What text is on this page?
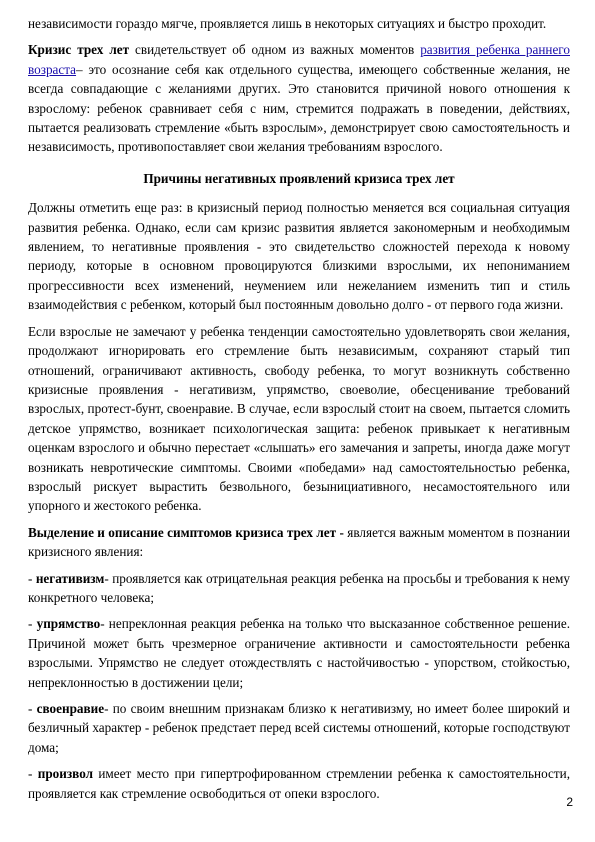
независимости гораздо мягче, проявляется лишь в некоторых ситуациях и быстро проходит.

Кризис трех лет свидетельствует об одном из важных моментов развития ребенка раннего возраста– это осознание себя как отдельного существа, имеющего собственные желания, не всегда совпадающие с желаниями других. Это становится причиной нового отношения к взрослому: ребенок сравнивает себя с ним, стремится подражать в поведении, действиях, пытается реализовать стремление «быть взрослым», демонстрирует свою самостоятельность и независимость, противопоставляет свои желания требованиям взрослого.

Причины негативных проявлений кризиса трех лет

Должны отметить еще раз: в кризисный период полностью меняется вся социальная ситуация развития ребенка. Однако, если сам кризис развития является закономерным и необходимым явлением, то негативные проявления - это свидетельство сложностей перехода к новому периоду, которые в основном провоцируются близкими взрослыми, их непониманием прогрессивности всех изменений, неумением или нежеланием изменить тип и стиль взаимодействия с ребенком, который был постоянным довольно долго - от первого года жизни.

Если взрослые не замечают у ребенка тенденции самостоятельно удовлетворять свои желания, продолжают игнорировать его стремление быть независимым, сохраняют старый тип отношений, ограничивают активность, свободу ребенка, то могут возникнуть собственно кризисные проявления - негативизм, упрямство, своеволие, обесценивание требований взрослых, протест-бунт, своенравие. В случае, если взрослый стоит на своем, пытается сломить детское упрямство, возникает психологическая защита: ребенок привыкает к негативным оценкам взрослого и обычно перестает «слышать» его замечания и запреты, иногда даже могут возникать невротические симптомы. Своими «победами» над самостоятельностью ребенка, взрослый рискует вырастить безвольного, безынициативного, несамостоятельного или упорного и жестокого ребенка.

Выделение и описание симптомов кризиса трех лет - является важным моментом в познании кризисного явления:

- негативизм- проявляется как отрицательная реакция ребенка на просьбы и требования к нему конкретного человека;

- упрямство- непреклонная реакция ребенка на только что высказанное собственное решение. Причиной может быть чрезмерное ограничение активности и самостоятельности ребенка взрослыми. Упрямство не следует отождествлять с настойчивостью - упорством, стойкостью, непреклонностью в достижении цели;

- своенравие- по своим внешним признакам близко к негативизму, но имеет более широкий и безличный характер - ребенок предстает перед всей системы отношений, которые господствуют дома;

- произвол имеет место при гипертрофированном стремлении ребенка к самостоятельности, проявляется как стремление освободиться от опеки взрослого.

2
